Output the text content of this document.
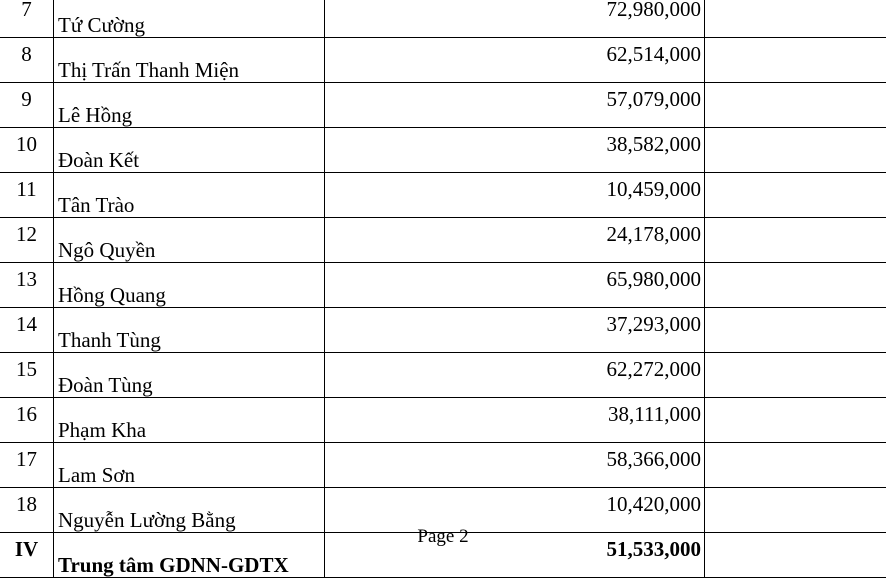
7	Tứ Cường	72,980,000	
8	Thị Trấn Thanh Miện	62,514,000	
9	Lê Hồng	57,079,000	
10	Đoàn Kết	38,582,000	
11	Tân Trào	10,459,000	
12	Ngô Quyền	24,178,000	
13	Hồng Quang	65,980,000	
14	Thanh Tùng	37,293,000	
15	Đoàn Tùng	62,272,000	
16	Phạm Kha	38,111,000	
17	Lam Sơn	58,366,000	
18	Nguyễn Lường Bằng	10,420,000	
IV	Trung tâm GDNN-GDTX	51,533,000	
Page 2
